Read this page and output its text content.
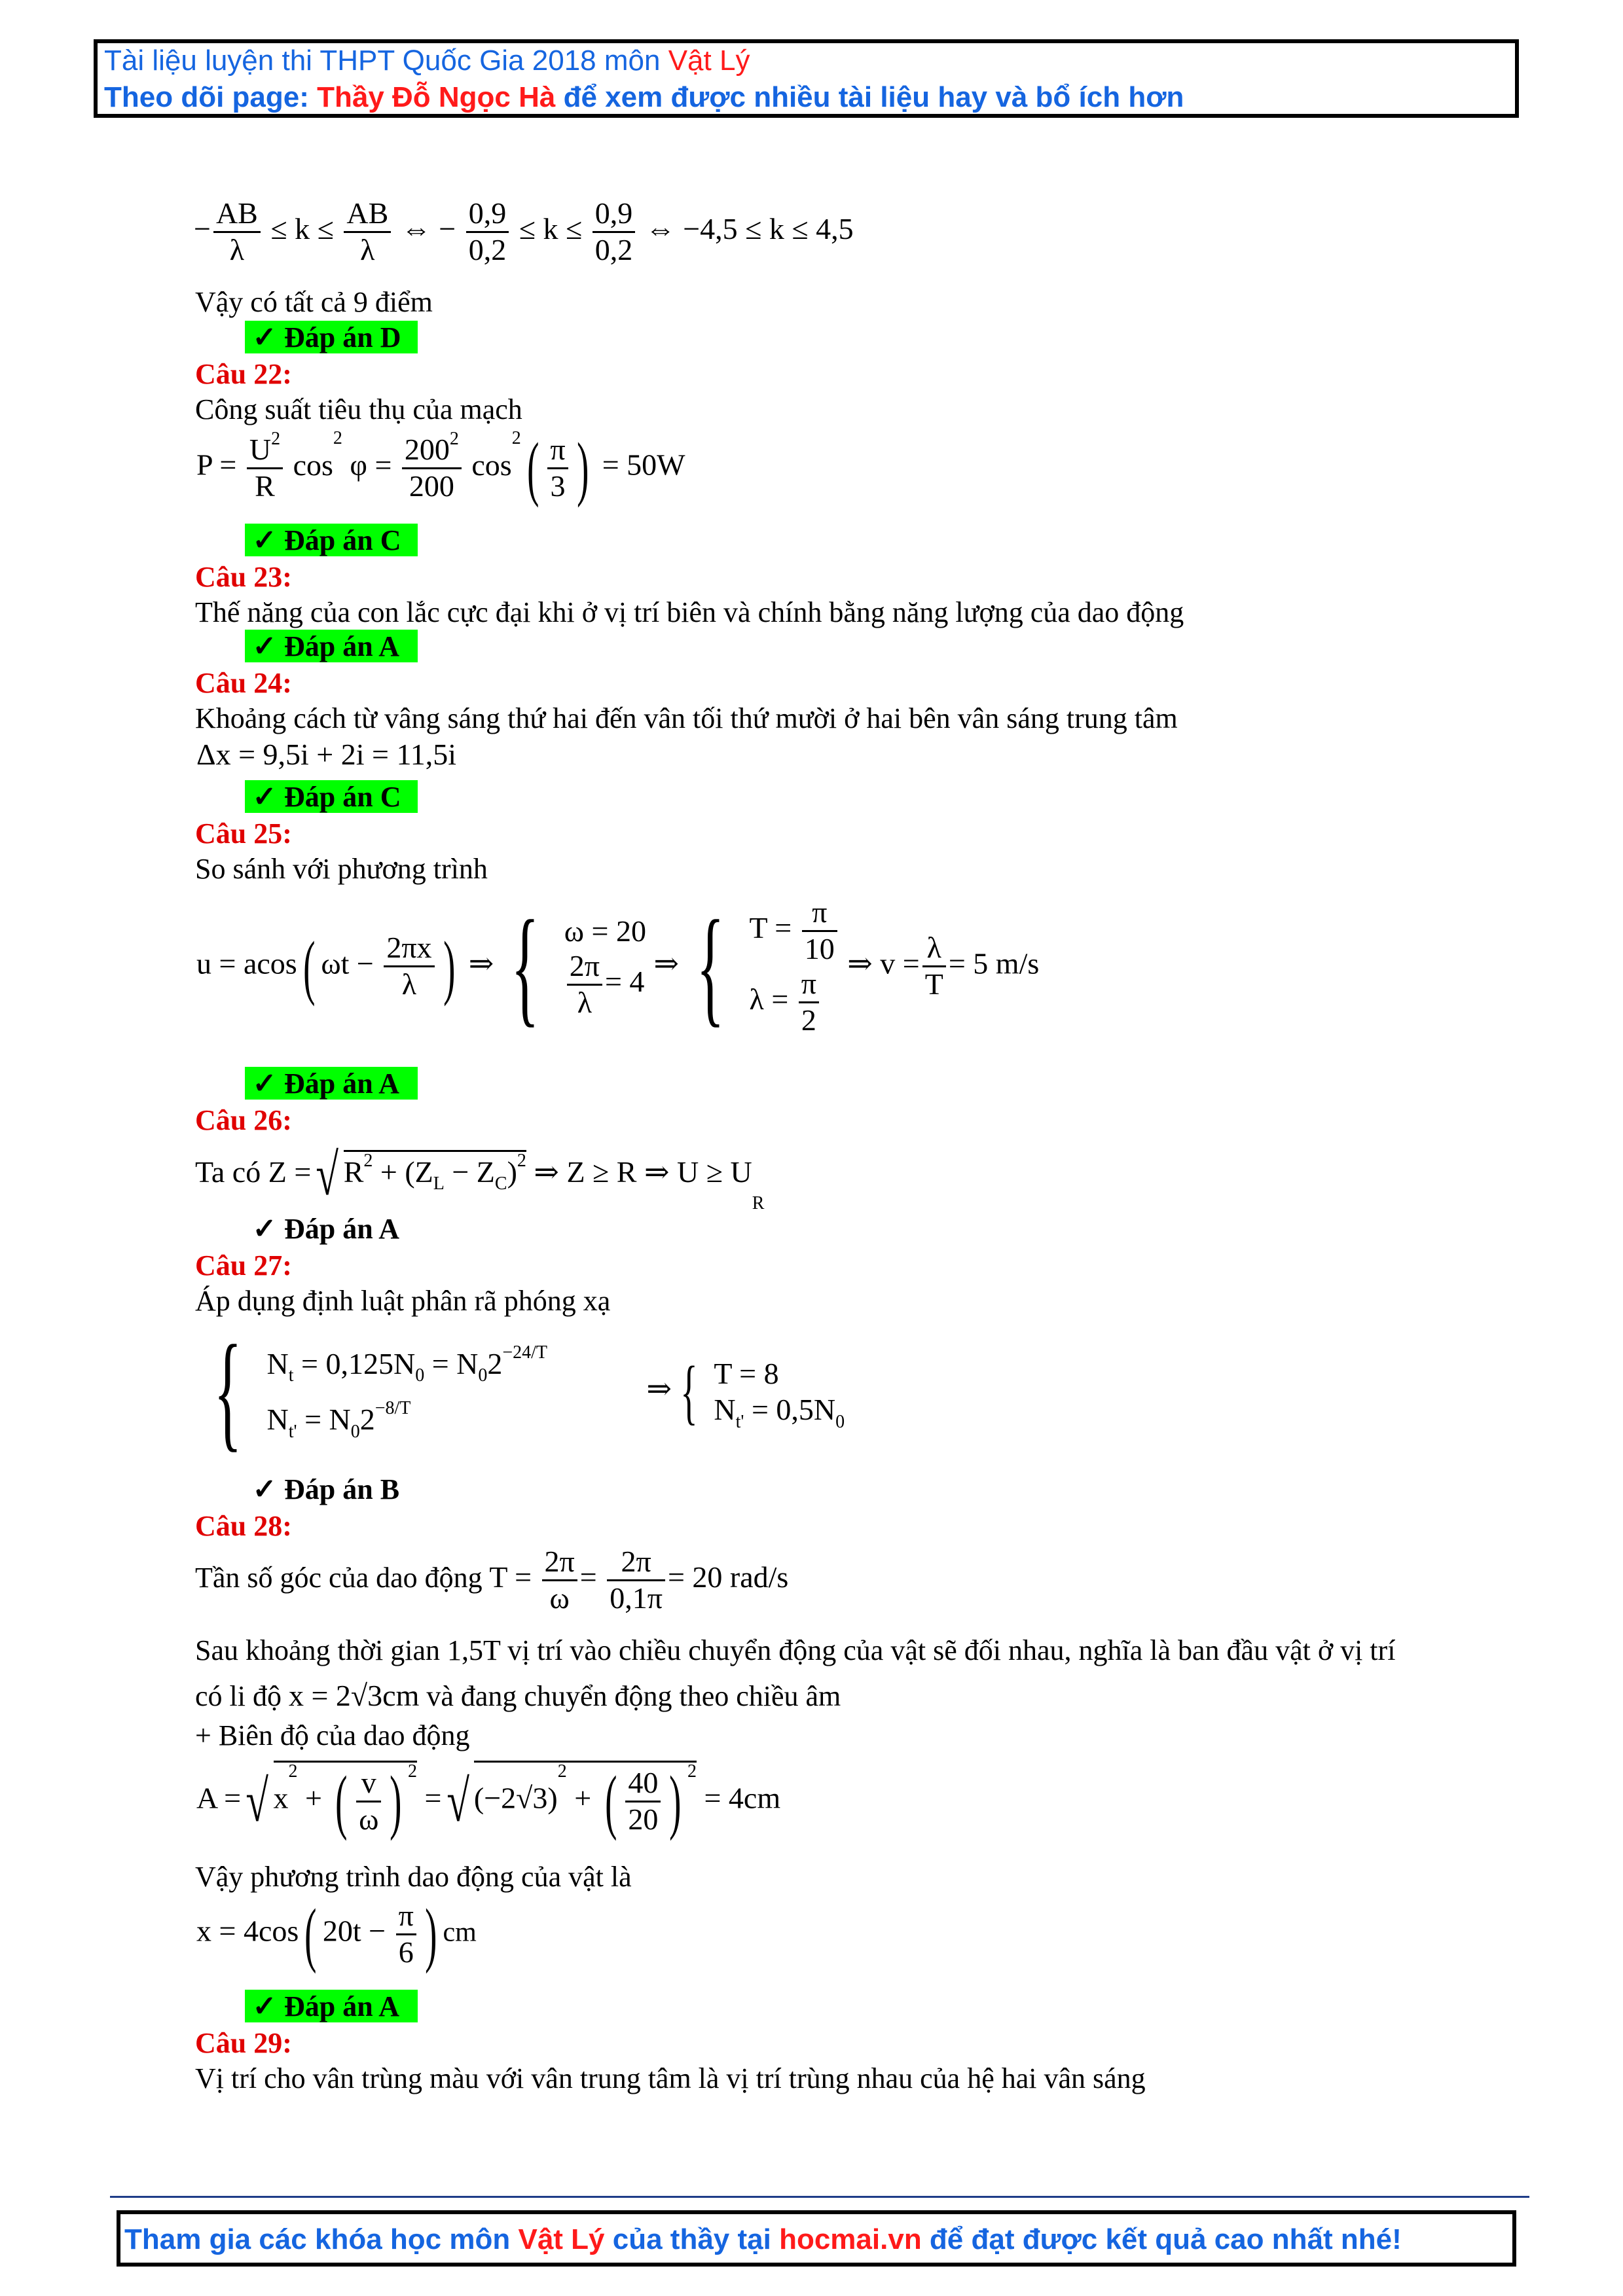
Tài liệu luyện thi THPT Quốc Gia 2018 môn Vật Lý
Theo dõi page: Thầy Đỗ Ngọc Hà để xem được nhiều tài liệu hay và bổ ích hơn
− $\frac{AB}{\lambda} \le k \le \frac{AB}{\lambda}$ ⇔ − $\frac{0,9}{0,2} \le k \le \frac{0,9}{0,2}$ ⇔ −4,5 ≤ k ≤ 4,5
Vậy có tất cả 9 điểm
✓ Đáp án D
Câu 22:
Công suất tiêu thụ của mạch
$P = \frac{U^2}{R} \cos^2 \varphi = \frac{200^2}{200} \cos^2( \frac{\pi}{3}$ ) = 50W
✓ Đáp án C
Câu 23:
Thế năng của con lắc cực đại khi ở vị trí biên và chính bằng năng lượng của dao động
✓ Đáp án A
Câu 24:
Khoảng cách từ vâng sáng thứ hai đến vân tối thứ mười ở hai bên vân sáng trung tâm
Δx = 9,5i + 2i = 11,5i
✓ Đáp án C
Câu 25:
So sánh với phương trình
u = acos( $\omega t - \frac{2\pi x}{\lambda}$ ) ⇒ { ω = 20
$\frac{2\pi}{\lambda} = 4$
⇒ { $T = \frac{\pi}{10}$
$\lambda = \frac{\pi}{2}$
⇒ $v = \frac{\lambda}{T} = 5$ m/s
✓ Đáp án A
Câu 26:
Ta có Z =√ $R^2 + (ZL - ZC)^2$ ⇒ Z ≥ R ⇒ U ≥ UR
✓ Đáp án A
Câu 27:
Áp dụng định luật phân rã phóng xạ
{ $Nt = 0,125N0 = N02^{-24/T}$
$Nt' = N02^{-8/T}$
⇒ { T = 8
Nt' = 0,5N0
✓ Đáp án B
Câu 28:
Tần số góc của dao động $T = \frac{2\pi}{\omega} = \frac{2\pi}{0,1\pi} = 20$ rad/s
Sau khoảng thời gian 1,5T vị trí vào chiều chuyển động của vật sẽ đối nhau, nghĩa là ban đầu vật ở vị trí
có li độ x = 2√3cm và đang chuyển động theo chiều âm
+ Biên độ của dao động
A =√ $x^2$ + ( $\frac{v}{\omega}$ ) $^2$ =√ $(-2√3)^2$ + ( $\frac{40}{20}$ ) $^2$ = 4cm
Vậy phương trình dao động của vật là
x = 4cos( $20t - \frac{\pi}{6}$ ) cm
✓ Đáp án A
Câu 29:
Vị trí cho vân trùng màu với vân trung tâm là vị trí trùng nhau của hệ hai vân sáng
Tham gia các khóa học môn Vật Lý của thầy tại hocmai.vn để đạt được kết quả cao nhất nhé!
